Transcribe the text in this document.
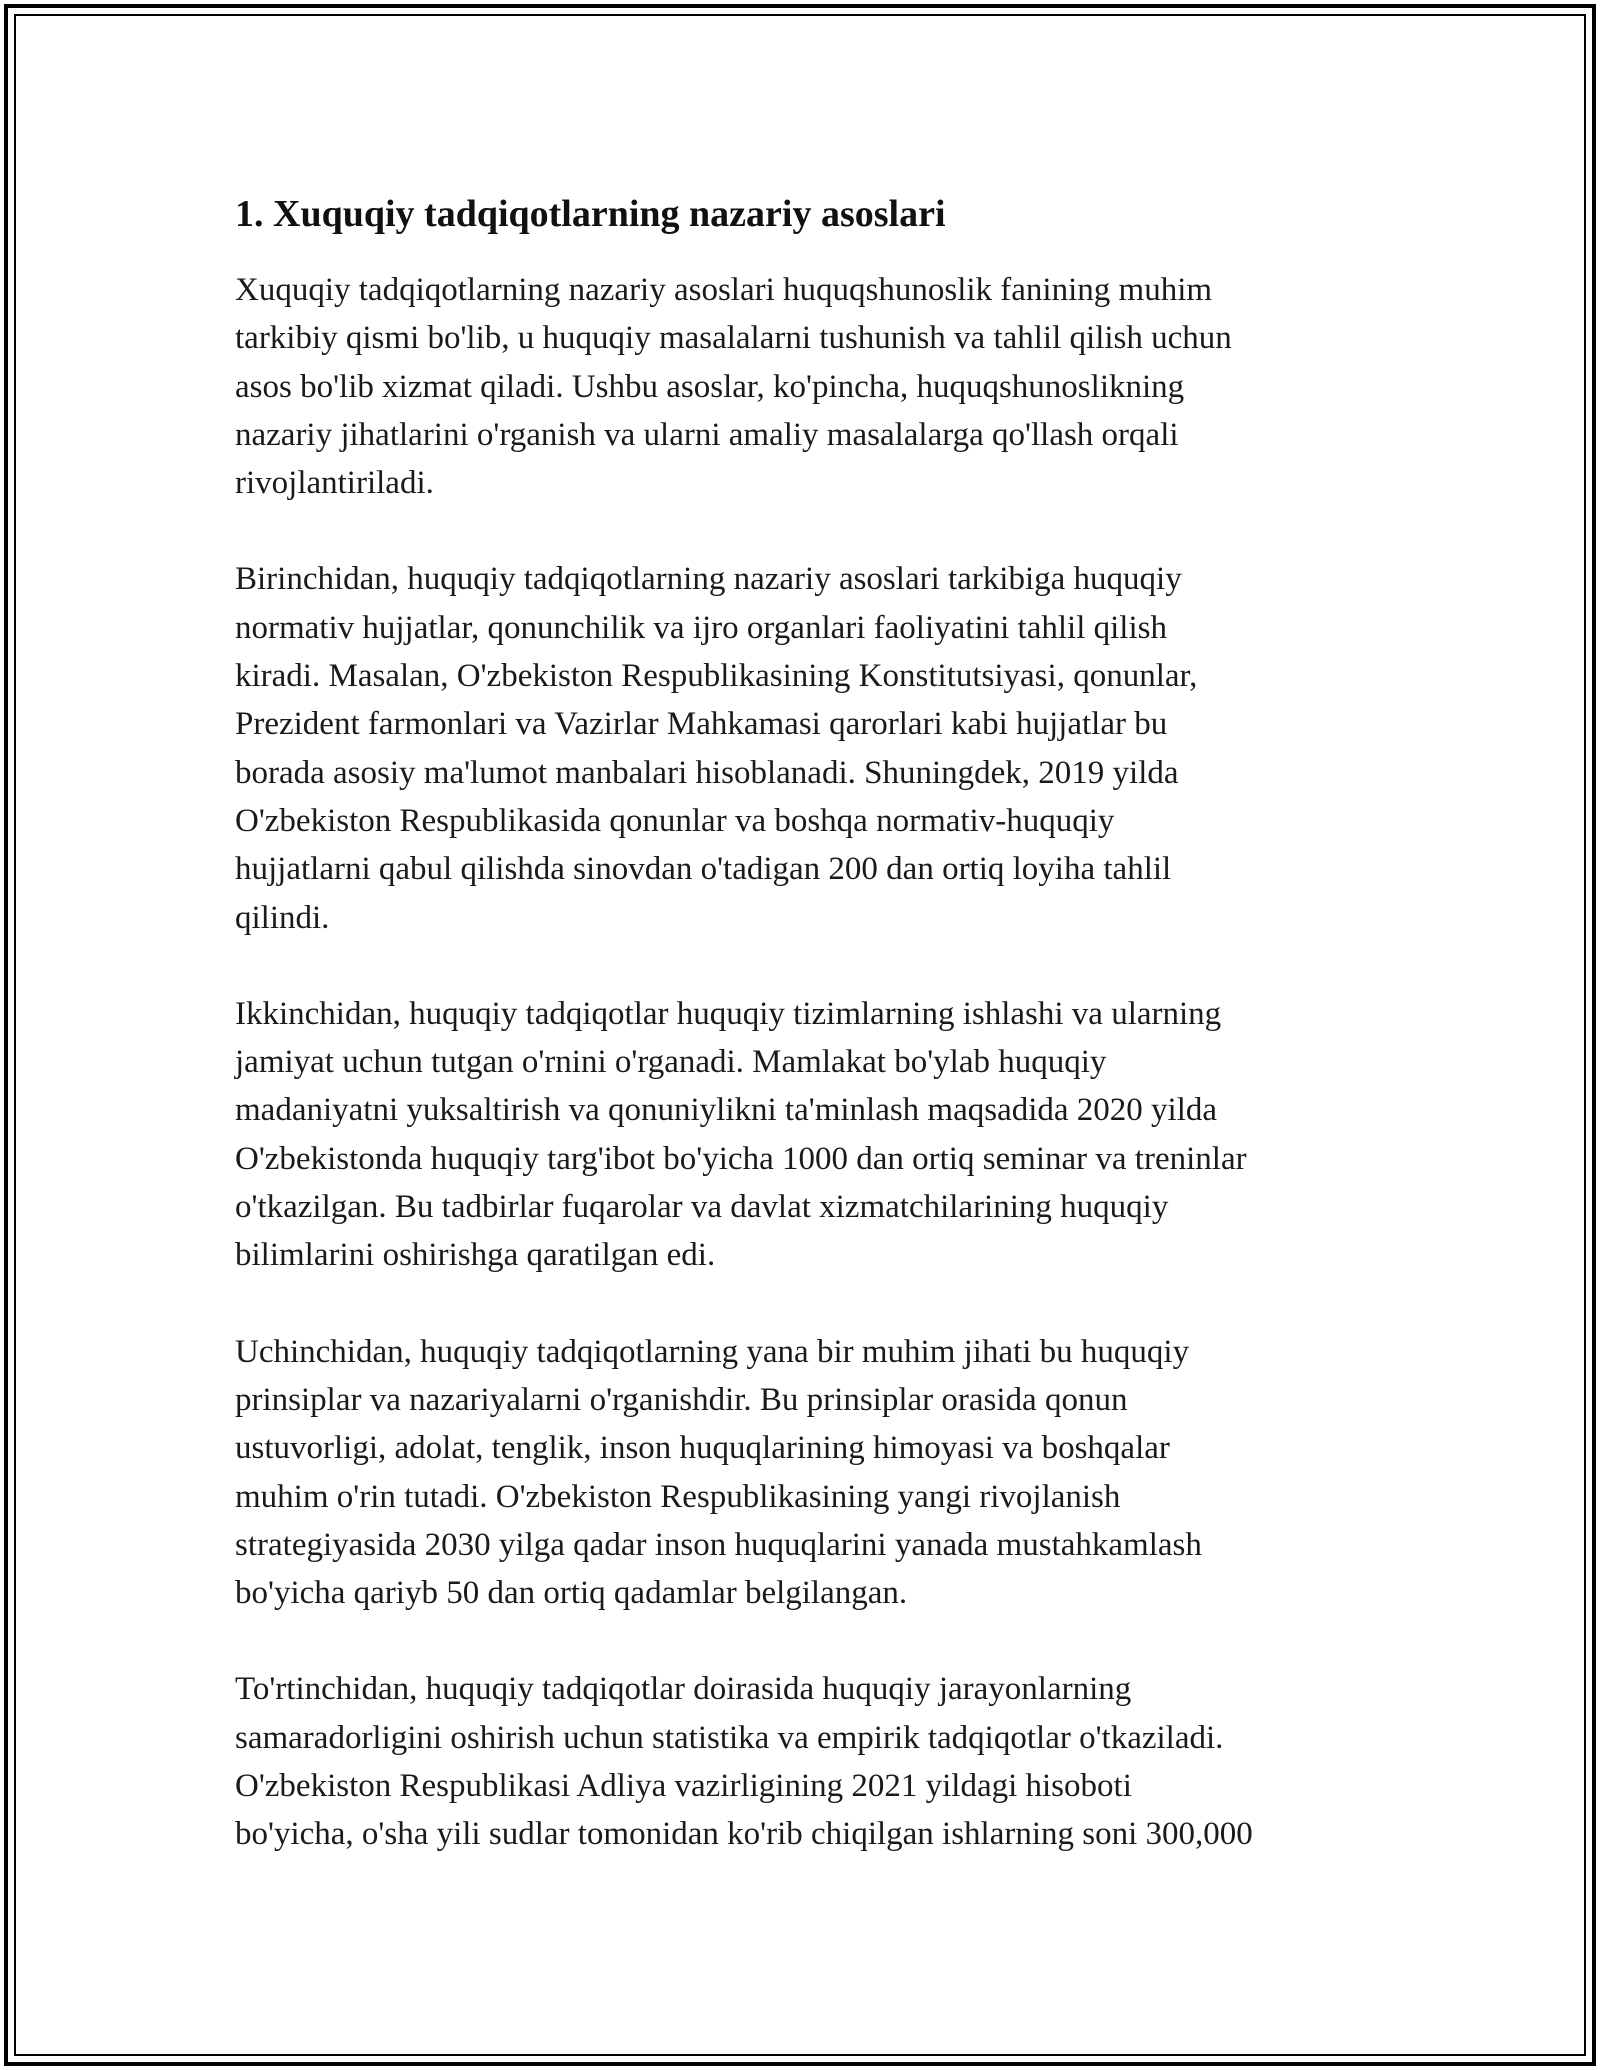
1. Xuquqiy tadqiqotlarning nazariy asoslari

Xuquqiy tadqiqotlarning nazariy asoslari huquqshunoslik fanining muhim
tarkibiy qismi bo'lib, u huquqiy masalalarni tushunish va tahlil qilish uchun
asos bo'lib xizmat qiladi. Ushbu asoslar, ko'pincha, huquqshunoslikning
nazariy jihatlarini o'rganish va ularni amaliy masalalarga qo'llash orqali
rivojlantiriladi.

Birinchidan, huquqiy tadqiqotlarning nazariy asoslari tarkibiga huquqiy
normativ hujjatlar, qonunchilik va ijro organlari faoliyatini tahlil qilish
kiradi. Masalan, O'zbekiston Respublikasining Konstitutsiyasi, qonunlar,
Prezident farmonlari va Vazirlar Mahkamasi qarorlari kabi hujjatlar bu
borada asosiy ma'lumot manbalari hisoblanadi. Shuningdek, 2019 yilda
O'zbekiston Respublikasida qonunlar va boshqa normativ-huquqiy
hujjatlarni qabul qilishda sinovdan o'tadigan 200 dan ortiq loyiha tahlil
qilindi.

Ikkinchidan, huquqiy tadqiqotlar huquqiy tizimlarning ishlashi va ularning
jamiyat uchun tutgan o'rnini o'rganadi. Mamlakat bo'ylab huquqiy
madaniyatni yuksaltirish va qonuniylikni ta'minlash maqsadida 2020 yilda
O'zbekistonda huquqiy targ'ibot bo'yicha 1000 dan ortiq seminar va treninlar
o'tkazilgan. Bu tadbirlar fuqarolar va davlat xizmatchilarining huquqiy
bilimlarini oshirishga qaratilgan edi.

Uchinchidan, huquqiy tadqiqotlarning yana bir muhim jihati bu huquqiy
prinsiplar va nazariyalarni o'rganishdir. Bu prinsiplar orasida qonun
ustuvorligi, adolat, tenglik, inson huquqlarining himoyasi va boshqalar
muhim o'rin tutadi. O'zbekiston Respublikasining yangi rivojlanish
strategiyasida 2030 yilga qadar inson huquqlarini yanada mustahkamlash
bo'yicha qariyb 50 dan ortiq qadamlar belgilangan.

To'rtinchidan, huquqiy tadqiqotlar doirasida huquqiy jarayonlarning
samaradorligini oshirish uchun statistika va empirik tadqiqotlar o'tkaziladi.
O'zbekiston Respublikasi Adliya vazirligining 2021 yildagi hisoboti
bo'yicha, o'sha yili sudlar tomonidan ko'rib chiqilgan ishlarning soni 300,000
